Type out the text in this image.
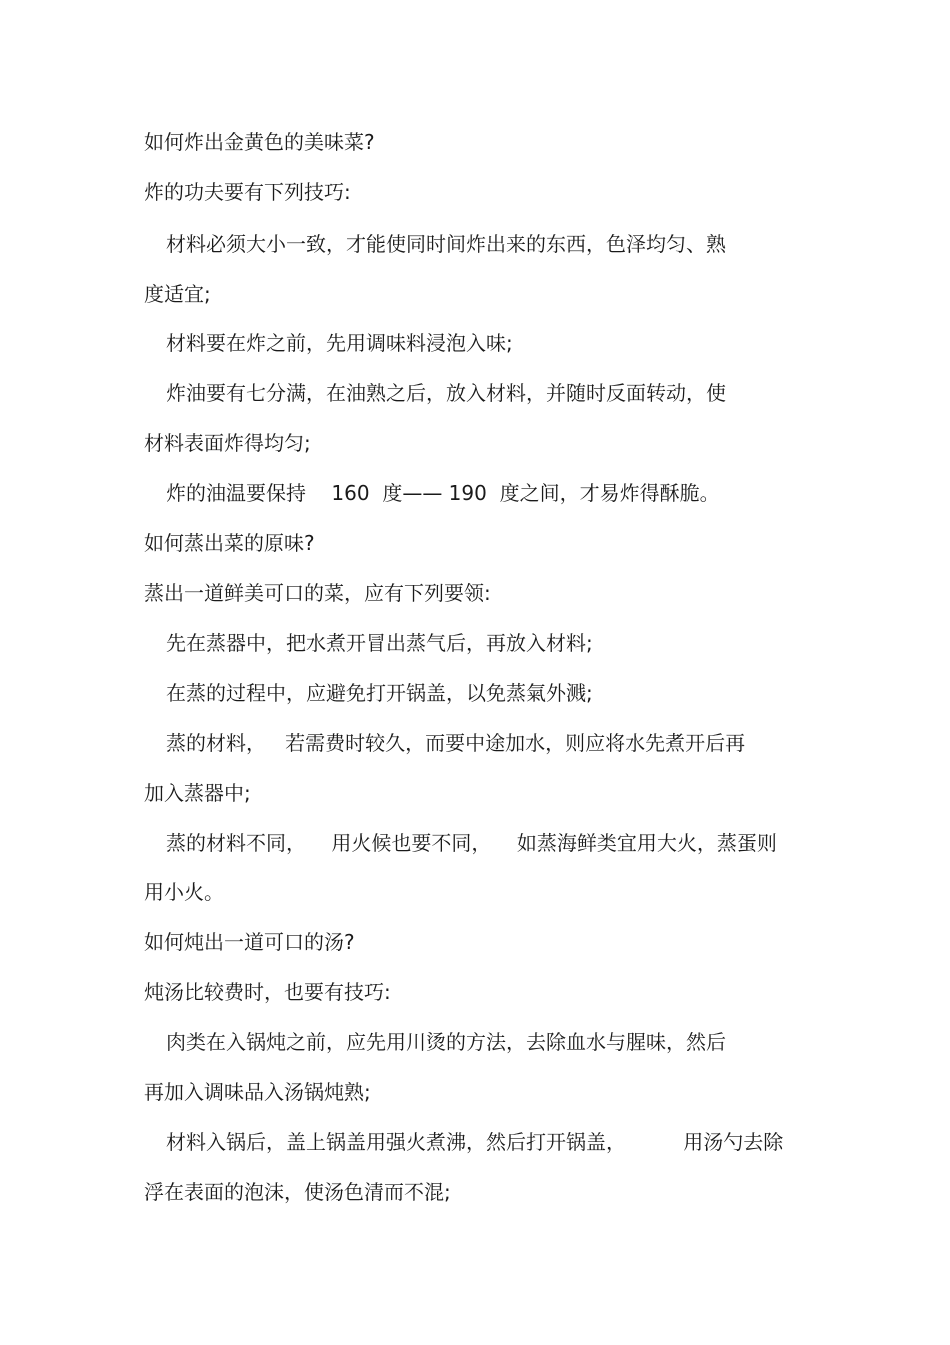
如何炸出金黄色的美味菜?

炸的功夫要有下列技巧:

材料必须大小一致，才能使同时间炸出来的东西，色泽均匀、熟

度适宜;

材料要在炸之前，先用调味料浸泡入味;

炸油要有七分满，在油熟之后，放入材料，并随时反面转动，使

材料表面炸得均匀;

炸的油温要保持    160  度—— 190  度之间，才易炸得酥脆。

如何蒸出菜的原味?

蒸出一道鲜美可口的菜，应有下列要领:

先在蒸器中，把水煮开冒出蒸气后，再放入材料;

在蒸的过程中，应避免打开锅盖，以免蒸氣外溅;

蒸的材料，   若需费时较久，而要中途加水，则应将水先煮开后再

加入蒸器中;

蒸的材料不同，    用火候也要不同，    如蒸海鲜类宜用大火，蒸蛋则

用小火。

如何炖出一道可口的汤?

炖汤比较费时，也要有技巧:

肉类在入锅炖之前，应先用川烫的方法，去除血水与腥味，然后

再加入调味品入汤锅炖熟;

材料入锅后，盖上锅盖用强火煮沸，然后打开锅盖，         用汤勺去除

浮在表面的泡沫，使汤色清而不混;
